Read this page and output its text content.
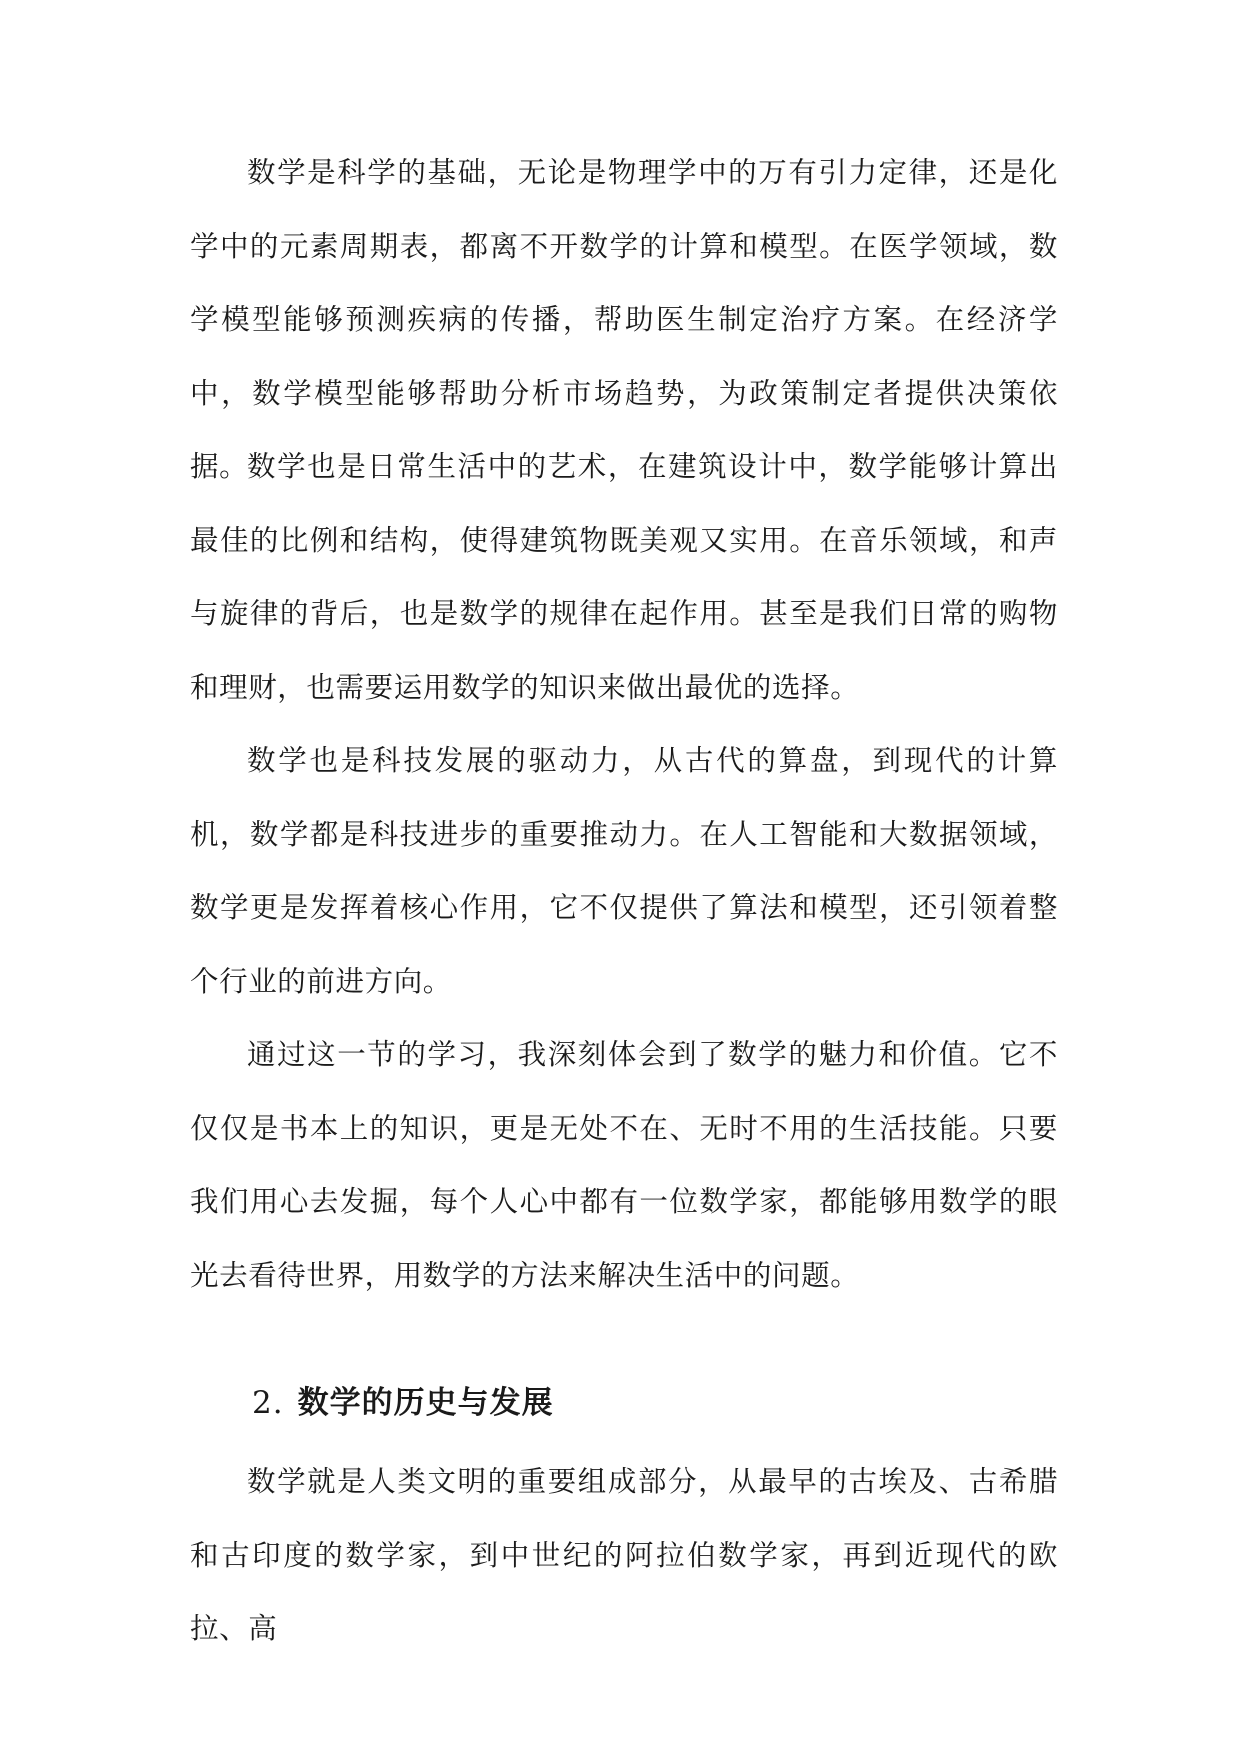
数学是科学的基础，无论是物理学中的万有引力定律，还是化学中的元素周期表，都离不开数学的计算和模型。在医学领域，数学模型能够预测疾病的传播，帮助医生制定治疗方案。在经济学中，数学模型能够帮助分析市场趋势，为政策制定者提供决策依据。

数学也是日常生活中的艺术，在建筑设计中，数学能够计算出最佳的比例和结构，使得建筑物既美观又实用。在音乐领域，和声与旋律的背后，也是数学的规律在起作用。甚至是我们日常的购物和理财，也需要运用数学的知识来做出最优的选择。

数学也是科技发展的驱动力，从古代的算盘，到现代的计算机，数学都是科技进步的重要推动力。在人工智能和大数据领域，数学更是发挥着核心作用，它不仅提供了算法和模型，还引领着整个行业的前进方向。

通过这一节的学习，我深刻体会到了数学的魅力和价值。它不仅仅是书本上的知识，更是无处不在、无时不用的生活技能。只要我们用心去发掘，每个人心中都有一位数学家，都能够用数学的眼光去看待世界，用数学的方法来解决生活中的问题。

2. 数学的历史与发展

数学就是人类文明的重要组成部分，从最早的古埃及、古希腊和古印度的数学家，到中世纪的阿拉伯数学家，再到近现代的欧拉、高
